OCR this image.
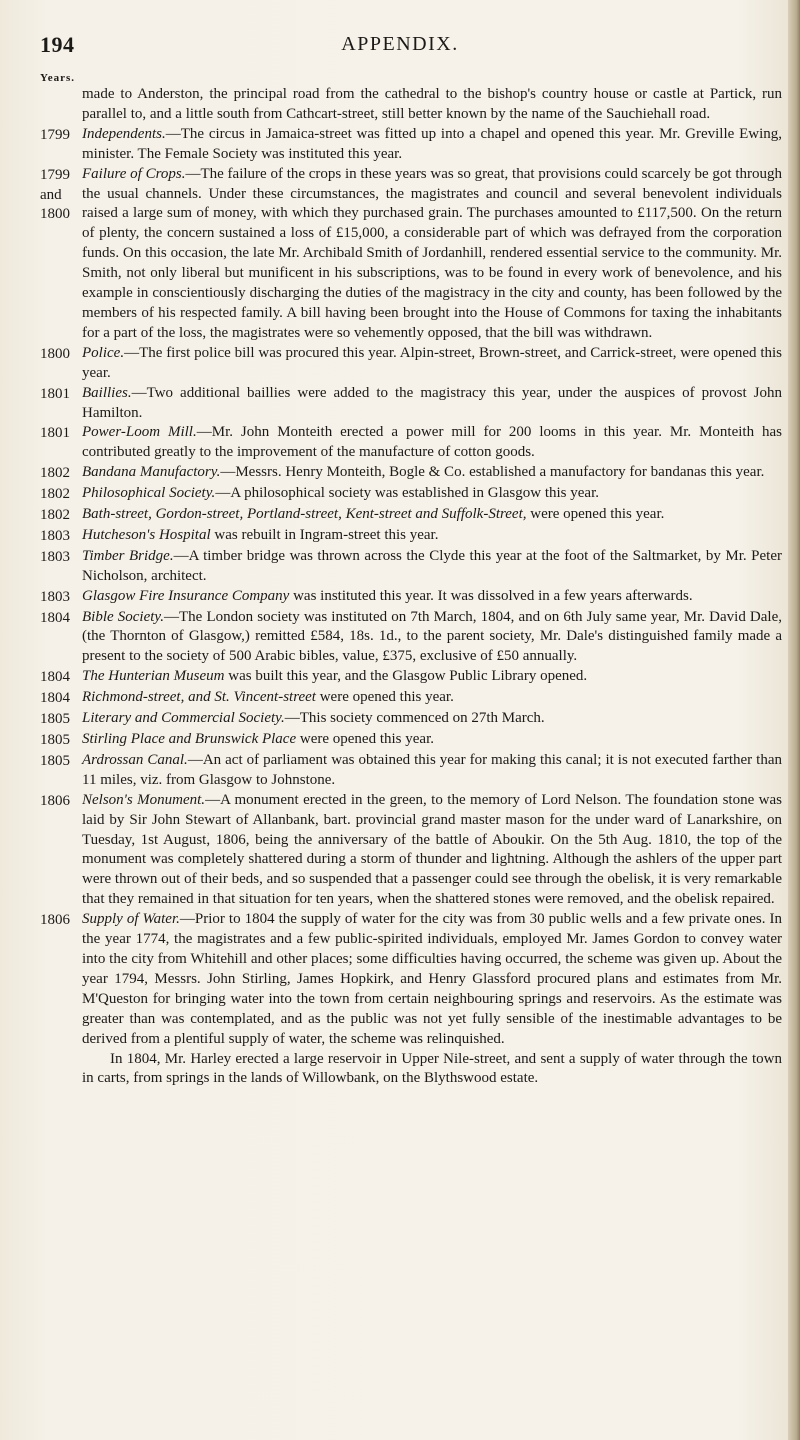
194	APPENDIX.
Years.

made to Anderston, the principal road from the cathedral to the bishop's country house or castle at Partick, run parallel to, and a little south from Cathcart-street, still better known by the name of the Sauchiehall road.

1799 Independents.—The circus in Jamaica-street was fitted up into a chapel and opened this year. Mr. Greville Ewing, minister. The Female Society was instituted this year.

1799
and
1800

Failure of Crops.—The failure of the crops in these years was so great, that provisions could scarcely be got through the usual channels. Under these circumstances, the magistrates and council and several benevolent individuals raised a large sum of money, with which they purchased grain. The purchases amounted to £117,500. On the return of plenty, the concern sustained a loss of £15,000, a considerable part of which was defrayed from the corporation funds. On this occasion, the late Mr. Archibald Smith of Jordanhill, rendered essential service to the community. Mr. Smith, not only liberal but munificent in his subscriptions, was to be found in every work of benevolence, and his example in conscientiously discharging the duties of the magistracy in the city and county, has been followed by the members of his respected family. A bill having been brought into the House of Commons for taxing the inhabitants for a part of the loss, the magistrates were so vehemently opposed, that the bill was withdrawn.

1800 Police.—The first police bill was procured this year. Alpin-street, Brown-street, and Carrick-street, were opened this year.

1801 Baillies.—Two additional baillies were added to the magistracy this year, under the auspices of provost John Hamilton.

1801 Power-Loom Mill.—Mr. John Monteith erected a power mill for 200 looms in this year. Mr. Monteith has contributed greatly to the improvement of the manufacture of cotton goods.

1802 Bandana Manufactory.—Messrs. Henry Monteith, Bogle & Co. established a manufactory for bandanas this year.

1802 Philosophical Society.—A philosophical society was established in Glasgow this year.

1802 Bath-street, Gordon-street, Portland-street, Kent-street and Suffolk-Street, were opened this year.

1803 Hutcheson's Hospital was rebuilt in Ingram-street this year.

1803 Timber Bridge.—A timber bridge was thrown across the Clyde this year at the foot of the Saltmarket, by Mr. Peter Nicholson, architect.

1803 Glasgow Fire Insurance Company was instituted this year. It was dissolved in a few years afterwards.

1804 Bible Society.—The London society was instituted on 7th March, 1804, and on 6th July same year, Mr. David Dale, (the Thornton of Glasgow,) remitted £584, 18s. 1d., to the parent society, Mr. Dale's distinguished family made a present to the society of 500 Arabic bibles, value, £375, exclusive of £50 annually.

1804 The Hunterian Museum was built this year, and the Glasgow Public Library opened.

1804 Richmond-street, and St. Vincent-street were opened this year.

1805 Literary and Commercial Society.—This society commenced on 27th March.

1805 Stirling Place and Brunswick Place were opened this year.

1805 Ardrossan Canal.—An act of parliament was obtained this year for making this canal; it is not executed farther than 11 miles, viz. from Glasgow to Johnstone.

1806 Nelson's Monument.—A monument erected in the green, to the memory of Lord Nelson. The foundation stone was laid by Sir John Stewart of Allanbank, bart. provincial grand master mason for the under ward of Lanarkshire, on Tuesday, 1st August, 1806, being the anniversary of the battle of Aboukir. On the 5th Aug. 1810, the top of the monument was completely shattered during a storm of thunder and lightning. Although the ashlers of the upper part were thrown out of their beds, and so suspended that a passenger could see through the obelisk, it is very remarkable that they remained in that situation for ten years, when the shattered stones were removed, and the obelisk repaired.

1806 Supply of Water.—Prior to 1804 the supply of water for the city was from 30 public wells and a few private ones. In the year 1774, the magistrates and a few public-spirited individuals, employed Mr. James Gordon to convey water into the city from Whitehill and other places; some difficulties having occurred, the scheme was given up. About the year 1794, Messrs. John Stirling, James Hopkirk, and Henry Glassford procured plans and estimates from Mr. M'Queston for bringing water into the town from certain neighbouring springs and reservoirs. As the estimate was greater than was contemplated, and as the public was not yet fully sensible of the inestimable advantages to be derived from a plentiful supply of water, the scheme was relinquished.

In 1804, Mr. Harley erected a large reservoir in Upper Nile-street, and sent a supply of water through the town in carts, from springs in the lands of Willowbank, on the Blythswood estate.
